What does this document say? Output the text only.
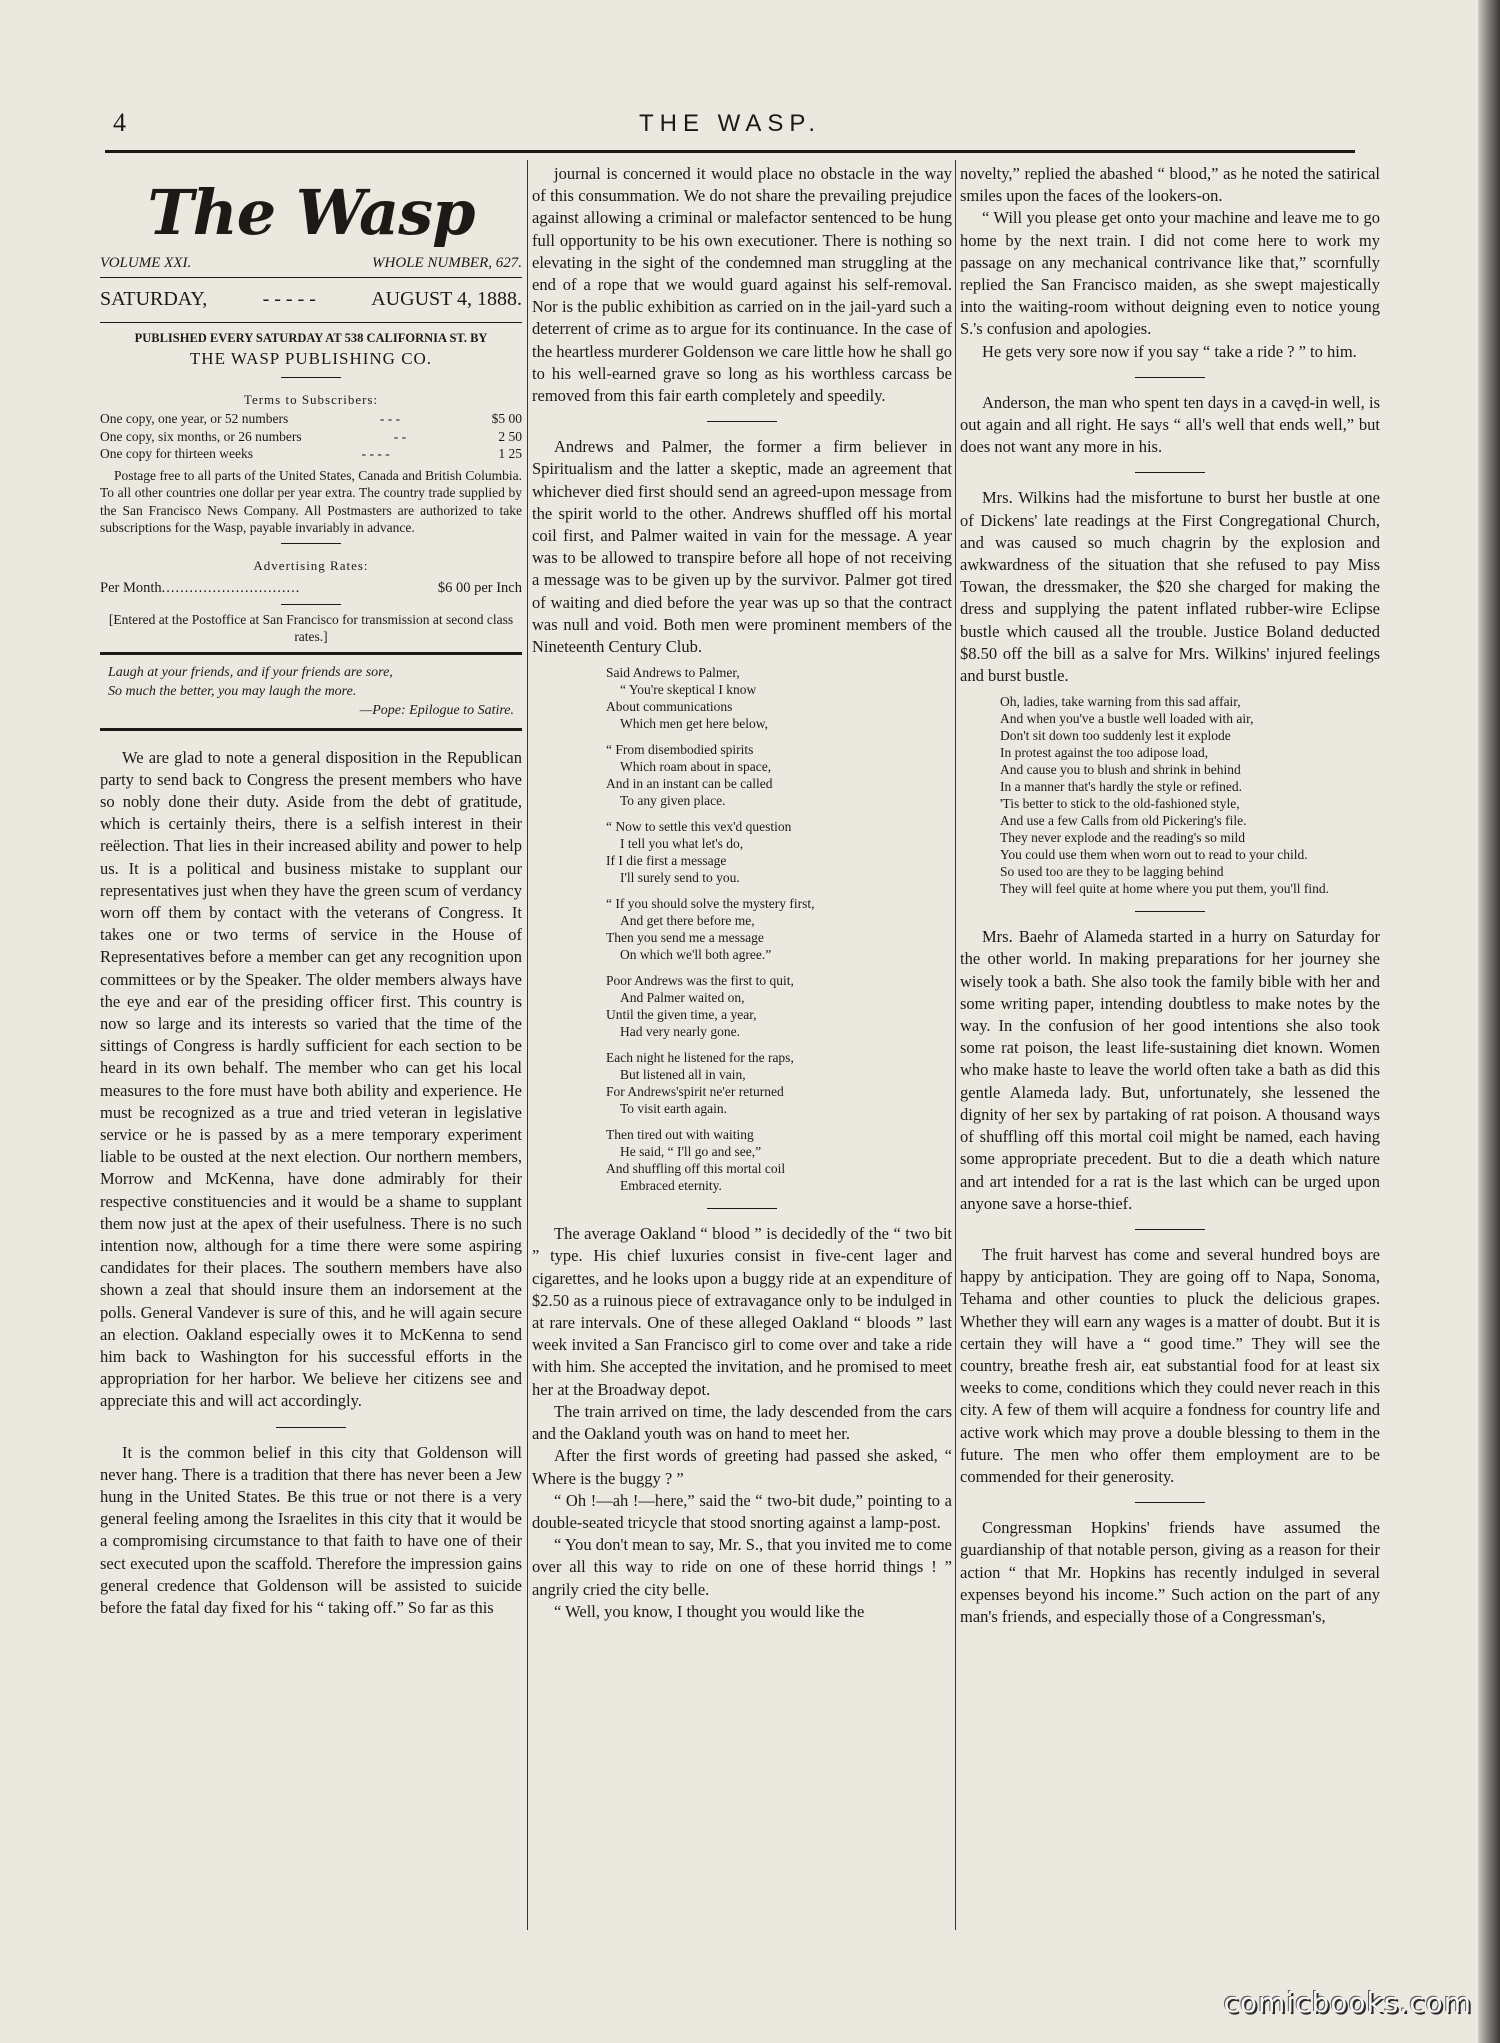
4	THE WASP.
The Wasp
VOLUME XXI.	WHOLE NUMBER, 627.
SATURDAY,	- - - - -	AUGUST 4, 1888.
PUBLISHED EVERY SATURDAY AT 538 CALIFORNIA ST. BY
THE WASP PUBLISHING CO.
Terms to Subscribers:
One copy, one year, or 52 numbers	- - -	$5 00
One copy, six months, or 26 numbers	- -	2 50
One copy for thirteen weeks	- - - -	1 25
Postage free to all parts of the United States, Canada and British Columbia. To all other countries one dollar per year extra. The country trade supplied by the San Francisco News Company. All Postmasters are authorized to take subscriptions for the Wasp, payable invariably in advance.
Advertising Rates:
Per Month ..............................	$6 00 per Inch
[Entered at the Postoffice at San Francisco for transmission at second class rates.]
Laugh at your friends, and if your friends are sore,
So much the better, you may laugh the more.
—Pope: Epilogue to Satire.

We are glad to note a general disposition in the Republican party to send back to Congress the present members who have so nobly done their duty. Aside from the debt of gratitude, which is certainly theirs, there is a selfish interest in their reëlection. That lies in their increased ability and power to help us. It is a political and business mistake to supplant our representatives just when they have the green scum of verdancy worn off them by contact with the veterans of Congress. It takes one or two terms of service in the House of Representatives before a member can get any recognition upon committees or by the Speaker. The older members always have the eye and ear of the presiding officer first. This country is now so large and its interests so varied that the time of the sittings of Congress is hardly sufficient for each section to be heard in its own behalf. The member who can get his local measures to the fore must have both ability and experience. He must be recognized as a true and tried veteran in legislative service or he is passed by as a mere temporary experiment liable to be ousted at the next election. Our northern members, Morrow and McKenna, have done admirably for their respective constituencies and it would be a shame to supplant them now just at the apex of their usefulness. There is no such intention now, although for a time there were some aspiring candidates for their places. The southern members have also shown a zeal that should insure them an indorsement at the polls. General Vandever is sure of this, and he will again secure an election. Oakland especially owes it to McKenna to send him back to Washington for his successful efforts in the appropriation for her harbor. We believe her citizens see and appreciate this and will act accordingly.

It is the common belief in this city that Goldenson will never hang. There is a tradition that there has never been a Jew hung in the United States. Be this true or not there is a very general feeling among the Israelites in this city that it would be a compromising circumstance to that faith to have one of their sect executed upon the scaffold. Therefore the impression gains general credence that Goldenson will be assisted to suicide before the fatal day fixed for his “ taking off.” So far as this

journal is concerned it would place no obstacle in the way of this consummation. We do not share the prevailing prejudice against allowing a criminal or malefactor sentenced to be hung full opportunity to be his own executioner. There is nothing so elevating in the sight of the condemned man struggling at the end of a rope that we would guard against his self-removal. Nor is the public exhibition as carried on in the jail-yard such a deterrent of crime as to argue for its continuance. In the case of the heartless murderer Goldenson we care little how he shall go to his well-earned grave so long as his worthless carcass be removed from this fair earth completely and speedily.

Andrews and Palmer, the former a firm believer in Spiritualism and the latter a skeptic, made an agreement that whichever died first should send an agreed-upon message from the spirit world to the other. Andrews shuffled off his mortal coil first, and Palmer waited in vain for the message. A year was to be allowed to transpire before all hope of not receiving a message was to be given up by the survivor. Palmer got tired of waiting and died before the year was up so that the contract was null and void. Both men were prominent members of the Nineteenth Century Club.

Said Andrews to Palmer,
“ You're skeptical I know
About communications
Which men get here below,
“ From disembodied spirits
Which roam about in space,
And in an instant can be called
To any given place.
“ Now to settle this vex'd question
I tell you what let's do,
If I die first a message
I'll surely send to you.
“ If you should solve the mystery first,
And get there before me,
Then you send me a message
On which we'll both agree.”
Poor Andrews was the first to quit,
And Palmer waited on,
Until the given time, a year,
Had very nearly gone.
Each night he listened for the raps,
But listened all in vain,
For Andrews'spirit ne'er returned
To visit earth again.
Then tired out with waiting
He said, “ I'll go and see,”
And shuffling off this mortal coil
Embraced eternity.

The average Oakland “ blood ” is decidedly of the “ two bit ” type. His chief luxuries consist in five-cent lager and cigarettes, and he looks upon a buggy ride at an expenditure of $2.50 as a ruinous piece of extravagance only to be indulged in at rare intervals. One of these alleged Oakland “ bloods ” last week invited a San Francisco girl to come over and take a ride with him. She accepted the invitation, and he promised to meet her at the Broadway depot.

The train arrived on time, the lady descended from the cars and the Oakland youth was on hand to meet her.

After the first words of greeting had passed she asked, “ Where is the buggy ? ”

“ Oh !—ah !—here,” said the “ two-bit dude,” pointing to a double-seated tricycle that stood snorting against a lamp-post.

“ You don't mean to say, Mr. S., that you invited me to come over all this way to ride on one of these horrid things ! ” angrily cried the city belle.

“ Well, you know, I thought you would like the

novelty,” replied the abashed “ blood,” as he noted the satirical smiles upon the faces of the lookers-on.

“ Will you please get onto your machine and leave me to go home by the next train. I did not come here to work my passage on any mechanical contrivance like that,” scornfully replied the San Francisco maiden, as she swept majestically into the waiting-room without deigning even to notice young S.'s confusion and apologies.

He gets very sore now if you say “ take a ride ? ” to him.

Anderson, the man who spent ten days in a cavęd-in well, is out again and all right. He says “ all's well that ends well,” but does not want any more in his.

Mrs. Wilkins had the misfortune to burst her bustle at one of Dickens' late readings at the First Congregational Church, and was caused so much chagrin by the explosion and awkwardness of the situation that she refused to pay Miss Towan, the dressmaker, the $20 she charged for making the dress and supplying the patent inflated rubber-wire Eclipse bustle which caused all the trouble. Justice Boland deducted $8.50 off the bill as a salve for Mrs. Wilkins' injured feelings and burst bustle.

Oh, ladies, take warning from this sad affair,
And when you've a bustle well loaded with air,
Don't sit down too suddenly lest it explode
In protest against the too adipose load,
And cause you to blush and shrink in behind
In a manner that's hardly the style or refined.
'Tis better to stick to the old-fashioned style,
And use a few Calls from old Pickering's file.
They never explode and the reading's so mild
You could use them when worn out to read to your child.
So used too are they to be lagging behind
They will feel quite at home where you put them, you'll find.

Mrs. Baehr of Alameda started in a hurry on Saturday for the other world. In making preparations for her journey she wisely took a bath. She also took the family bible with her and some writing paper, intending doubtless to make notes by the way. In the confusion of her good intentions she also took some rat poison, the least life-sustaining diet known. Women who make haste to leave the world often take a bath as did this gentle Alameda lady. But, unfortunately, she lessened the dignity of her sex by partaking of rat poison. A thousand ways of shuffling off this mortal coil might be named, each having some appropriate precedent. But to die a death which nature and art intended for a rat is the last which can be urged upon anyone save a horse-thief.

The fruit harvest has come and several hundred boys are happy by anticipation. They are going off to Napa, Sonoma, Tehama and other counties to pluck the delicious grapes. Whether they will earn any wages is a matter of doubt. But it is certain they will have a “ good time.” They will see the country, breathe fresh air, eat substantial food for at least six weeks to come, conditions which they could never reach in this city. A few of them will acquire a fondness for country life and active work which may prove a double blessing to them in the future. The men who offer them employment are to be commended for their generosity.

Congressman Hopkins' friends have assumed the guardianship of that notable person, giving as a reason for their action “ that Mr. Hopkins has recently indulged in several expenses beyond his income.” Such action on the part of any man's friends, and especially those of a Congressman's,

comicbooks.com
